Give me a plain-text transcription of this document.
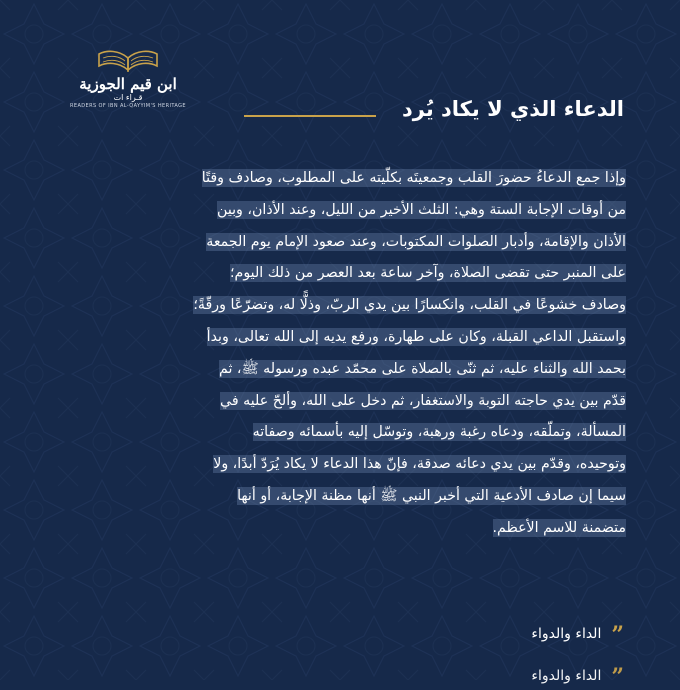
ابن قيم الجوزية
قـراء ات
READERS OF IBN AL-QAYYIM'S HERITAGE	الدعاء الذي لا يكاد يُرد
وإذا جمع الدعاءُ حضورَ القلب وجمعيتَه بكلّيته على المطلوب، وصادف وقتًا
من أوقات الإجابة الستة وهي: الثلث الأخير من الليل، وعند الأذان، وبين
الأذان والإقامة، وأدبار الصلوات المكتوبات، وعند صعود الإمام يوم الجمعة
على المنبر حتى تقضى الصلاة، وآخر ساعة بعد العصر من ذلك اليوم؛
وصادف خشوعًا في القلب، وانكسارًا بين يدي الربّ، وذلًّا له، وتضرّعًا ورقّةً؛
واستقبل الداعي القبلة، وكان على طهارة، ورفع يديه إلى الله تعالى، وبدأ
بحمد الله والثناء عليه، ثم ثنّى بالصلاة على محمّد عبده ورسوله ﷺ، ثم
قدّم بين يدي حاجته التوبة والاستغفار، ثم دخل على الله، وألحّ عليه في
المسألة، وتملّقه، ودعاه رغبة ورهبة، وتوسّل إليه بأسمائه وصفاته
وتوحيده، وقدّم بين يدي دعائه صدقة، فإنّ هذا الدعاء لا يكاد يُرَدّ أبدًا، ولا
سيما إن صادف الأدعية التي أخبر النبي ﷺ أنها مظنة الإجابة، أو أنها
متضمنة للاسم الأعظم.
”الداء والدواء
”الداء والدواء
